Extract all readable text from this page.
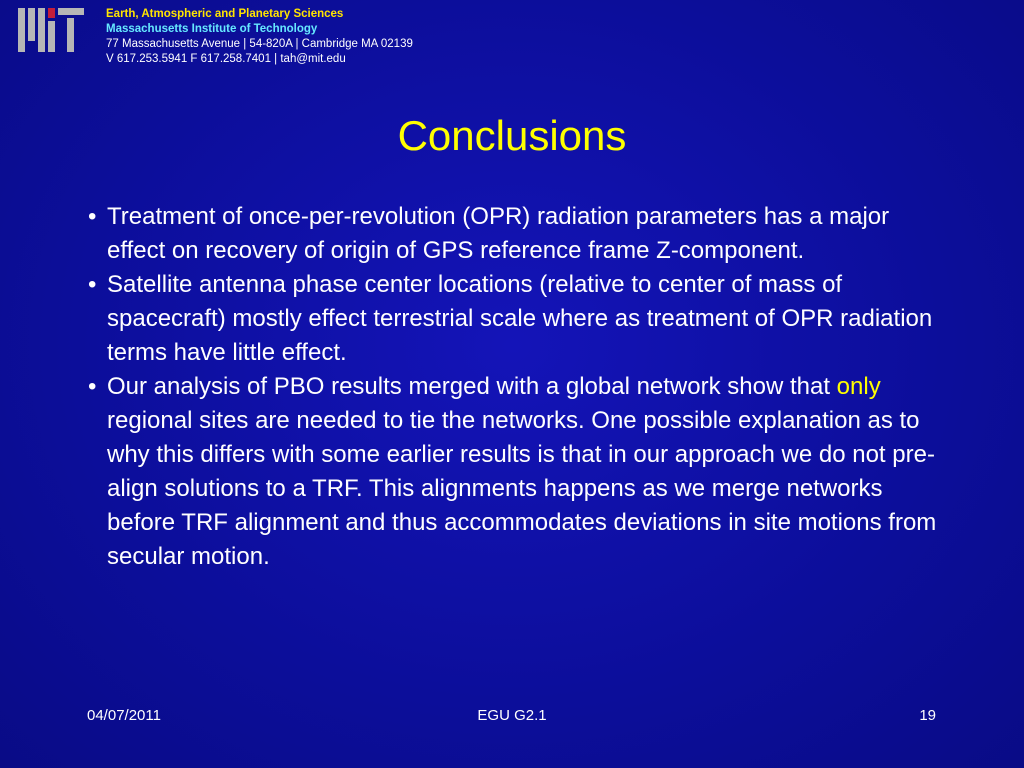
Earth, Atmospheric and Planetary Sciences
Massachusetts Institute of Technology
77 Massachusetts Avenue | 54-820A | Cambridge MA 02139
V 617.253.5941 F 617.258.7401 | tah@mit.edu
Conclusions
• Treatment of once-per-revolution (OPR) radiation parameters has a major effect on recovery of origin of GPS reference frame Z-component.
• Satellite antenna phase center locations (relative to center of mass of spacecraft) mostly effect terrestrial scale where as treatment of OPR radiation terms have little effect.
• Our analysis of PBO results merged with a global network show that only regional sites are needed to tie the networks. One possible explanation as to why this differs with some earlier results is that in our approach we do not pre-align solutions to a TRF. This alignments happens as we merge networks before TRF alignment and thus accommodates deviations in site motions from secular motion.
04/07/2011	EGU G2.1	19
